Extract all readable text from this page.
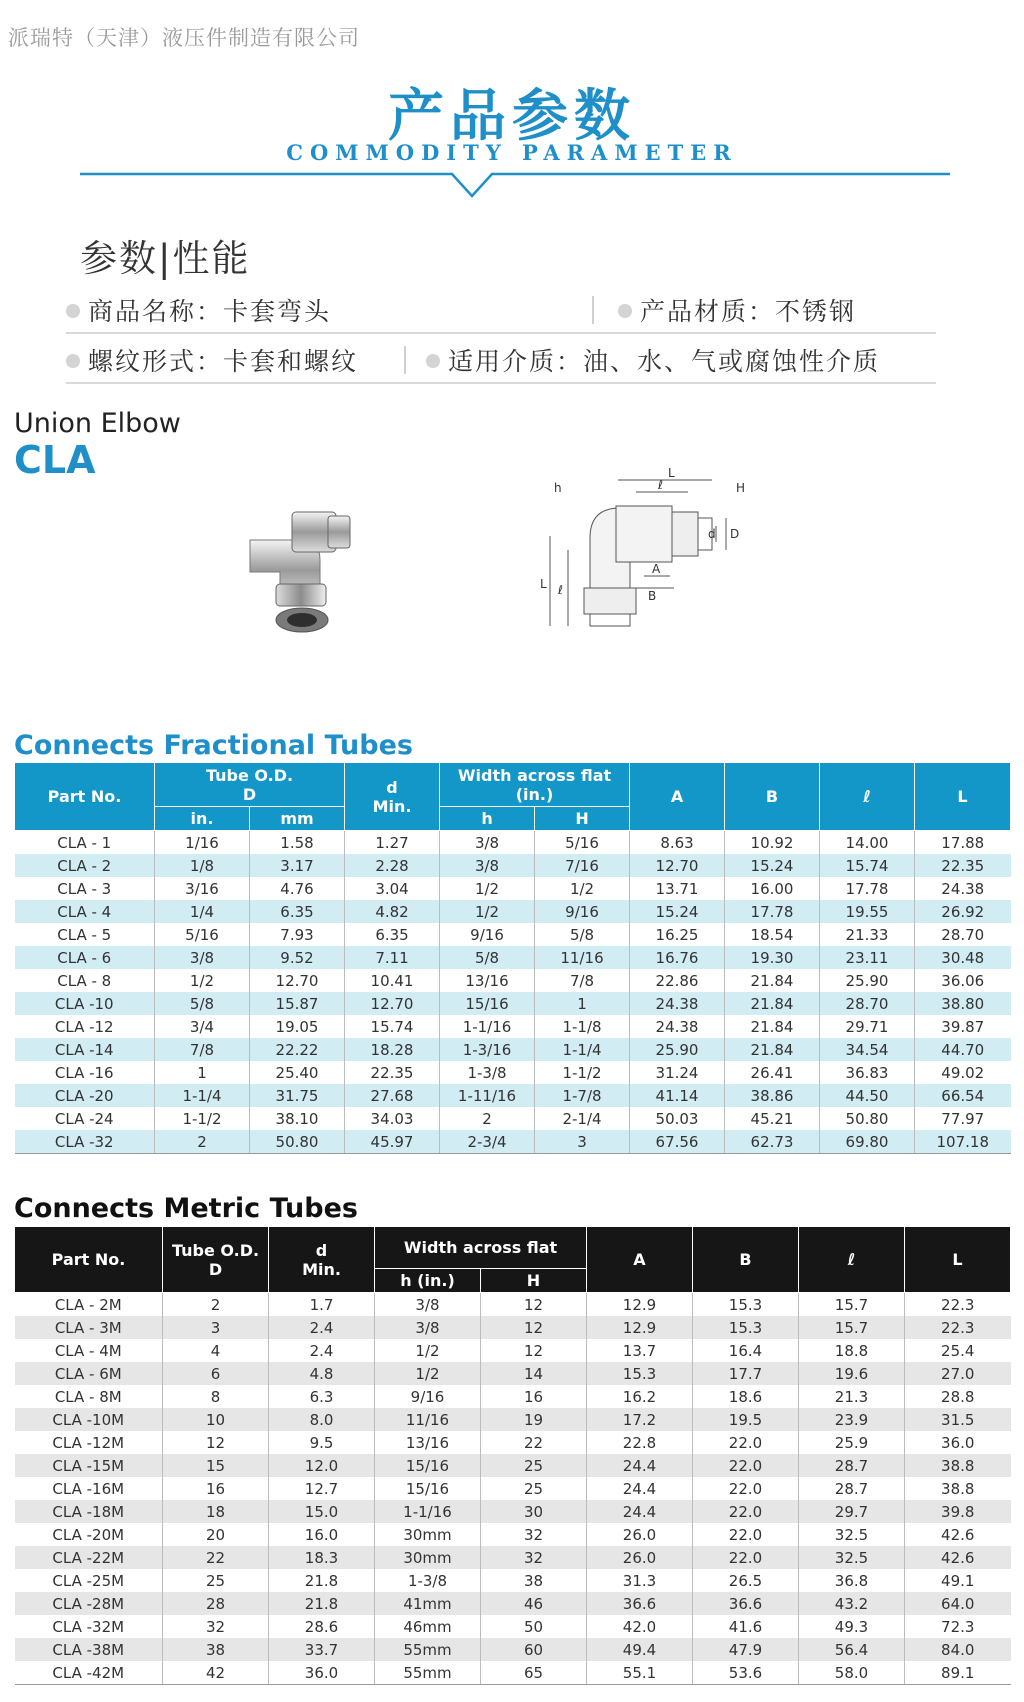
派瑞特（天津）液压件制造有限公司
产品参数
COMMODITY PARAMETER
参数|性能
商品名称：卡套弯头	产品材质：不锈钢
螺纹形式：卡套和螺纹	适用介质：油、水、气或腐蚀性介质
Union Elbow
CLA	L
ℓ
h	H
d D
A
B
L ℓ
Connects Fractional Tubes
Part No.	Tube O.D.
D		d
Min.	Width across flat (in.)		A	B	ℓ	L
	in.	mm		h	H				
CLA - 1	1/16	1.58	1.27	3/8	5/16	8.63	10.92	14.00	17.88
CLA - 2	1/8	3.17	2.28	3/8	7/16	12.70	15.24	15.74	22.35
CLA - 3	3/16	4.76	3.04	1/2	1/2	13.71	16.00	17.78	24.38
CLA - 4	1/4	6.35	4.82	1/2	9/16	15.24	17.78	19.55	26.92
CLA - 5	5/16	7.93	6.35	9/16	5/8	16.25	18.54	21.33	28.70
CLA - 6	3/8	9.52	7.11	5/8	11/16	16.76	19.30	23.11	30.48
CLA - 8	1/2	12.70	10.41	13/16	7/8	22.86	21.84	25.90	36.06
CLA -10	5/8	15.87	12.70	15/16	1	24.38	21.84	28.70	38.80
CLA -12	3/4	19.05	15.74	1-1/16	1-1/8	24.38	21.84	29.71	39.87
CLA -14	7/8	22.22	18.28	1-3/16	1-1/4	25.90	21.84	34.54	44.70
CLA -16	1	25.40	22.35	1-3/8	1-1/2	31.24	26.41	36.83	49.02
CLA -20	1-1/4	31.75	27.68	1-11/16	1-7/8	41.14	38.86	44.50	66.54
CLA -24	1-1/2	38.10	34.03	2	2-1/4	50.03	45.21	50.80	77.97
CLA -32	2	50.80	45.97	2-3/4	3	67.56	62.73	69.80	107.18
Connects Metric Tubes
Part No.	Tube O.D.
D	d
Min.	Width across flat		A	B	ℓ	L
			h (in.)	H				
CLA - 2M	2	1.7	3/8	12	12.9	15.3	15.7	22.3
CLA - 3M	3	2.4	3/8	12	12.9	15.3	15.7	22.3
CLA - 4M	4	2.4	1/2	12	13.7	16.4	18.8	25.4
CLA - 6M	6	4.8	1/2	14	15.3	17.7	19.6	27.0
CLA - 8M	8	6.3	9/16	16	16.2	18.6	21.3	28.8
CLA -10M	10	8.0	11/16	19	17.2	19.5	23.9	31.5
CLA -12M	12	9.5	13/16	22	22.8	22.0	25.9	36.0
CLA -15M	15	12.0	15/16	25	24.4	22.0	28.7	38.8
CLA -16M	16	12.7	15/16	25	24.4	22.0	28.7	38.8
CLA -18M	18	15.0	1-1/16	30	24.4	22.0	29.7	39.8
CLA -20M	20	16.0	30mm	32	26.0	22.0	32.5	42.6
CLA -22M	22	18.3	30mm	32	26.0	22.0	32.5	42.6
CLA -25M	25	21.8	1-3/8	38	31.3	26.5	36.8	49.1
CLA -28M	28	21.8	41mm	46	36.6	36.6	43.2	64.0
CLA -32M	32	28.6	46mm	50	42.0	41.6	49.3	72.3
CLA -38M	38	33.7	55mm	60	49.4	47.9	56.4	84.0
CLA -42M	42	36.0	55mm	65	55.1	53.6	58.0	89.1
